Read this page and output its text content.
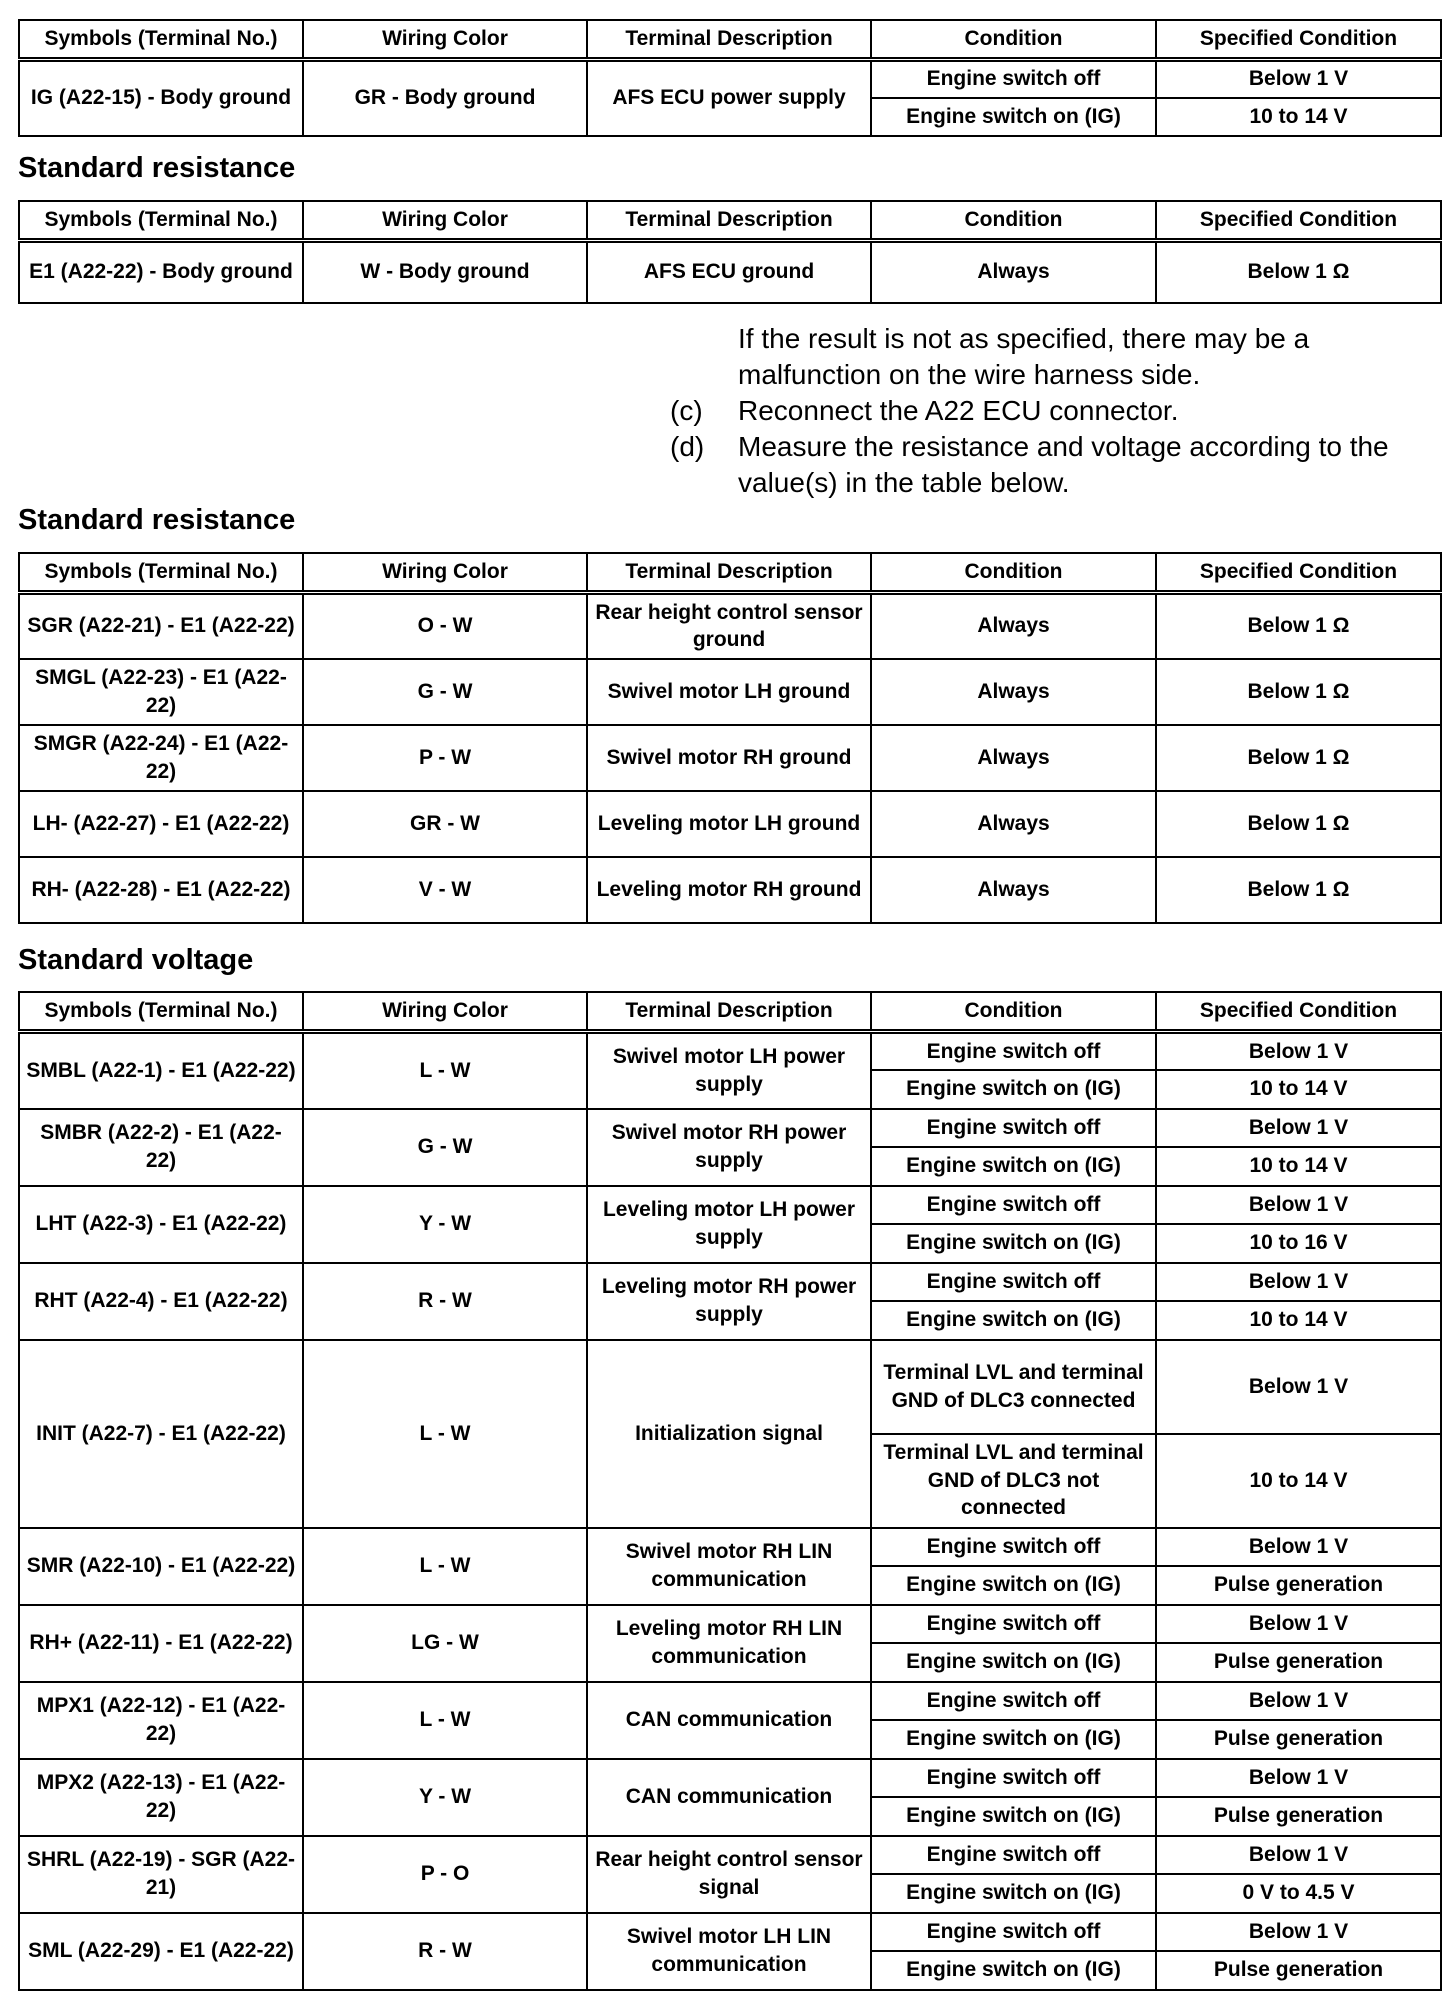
Symbols (Terminal No.)	Wiring Color	Terminal Description	Condition	Specified Condition
IG (A22-15) - Body ground	GR - Body ground	AFS ECU power supply	Engine switch off	Below 1 V
			Engine switch on (IG)	10 to 14 V
Standard resistance
Symbols (Terminal No.)	Wiring Color	Terminal Description	Condition	Specified Condition
E1 (A22-22) - Body ground	W - Body ground	AFS ECU ground	Always	Below 1 Ω
If the result is not as specified, there may be a malfunction on the wire harness side.
(c)	Reconnect the A22 ECU connector.
(d)	Measure the resistance and voltage according to the value(s) in the table below.
Standard resistance
Symbols (Terminal No.)	Wiring Color	Terminal Description	Condition	Specified Condition
SGR (A22-21) - E1 (A22-22)	O - W	Rear height control sensor ground	Always	Below 1 Ω
SMGL (A22-23) - E1 (A22-22)	G - W	Swivel motor LH ground	Always	Below 1 Ω
SMGR (A22-24) - E1 (A22-22)	P - W	Swivel motor RH ground	Always	Below 1 Ω
LH- (A22-27) - E1 (A22-22)	GR - W	Leveling motor LH ground	Always	Below 1 Ω
RH- (A22-28) - E1 (A22-22)	V - W	Leveling motor RH ground	Always	Below 1 Ω
Standard voltage
Symbols (Terminal No.)	Wiring Color	Terminal Description	Condition	Specified Condition
SMBL (A22-1) - E1 (A22-22)	L - W	Swivel motor LH power supply	Engine switch off	Below 1 V
			Engine switch on (IG)	10 to 14 V
SMBR (A22-2) - E1 (A22-22)	G - W	Swivel motor RH power supply	Engine switch off	Below 1 V
			Engine switch on (IG)	10 to 14 V
LHT (A22-3) - E1 (A22-22)	Y - W	Leveling motor LH power supply	Engine switch off	Below 1 V
			Engine switch on (IG)	10 to 16 V
RHT (A22-4) - E1 (A22-22)	R - W	Leveling motor RH power supply	Engine switch off	Below 1 V
			Engine switch on (IG)	10 to 14 V
INIT (A22-7) - E1 (A22-22)	L - W	Initialization signal	Terminal LVL and terminal GND of DLC3 connected	Below 1 V
			Terminal LVL and terminal GND of DLC3 not connected	10 to 14 V
SMR (A22-10) - E1 (A22-22)	L - W	Swivel motor RH LIN communication	Engine switch off	Below 1 V
			Engine switch on (IG)	Pulse generation
RH+ (A22-11) - E1 (A22-22)	LG - W	Leveling motor RH LIN communication	Engine switch off	Below 1 V
			Engine switch on (IG)	Pulse generation
MPX1 (A22-12) - E1 (A22-22)	L - W	CAN communication	Engine switch off	Below 1 V
			Engine switch on (IG)	Pulse generation
MPX2 (A22-13) - E1 (A22-22)	Y - W	CAN communication	Engine switch off	Below 1 V
			Engine switch on (IG)	Pulse generation
SHRL (A22-19) - SGR (A22-21)	P - O	Rear height control sensor signal	Engine switch off	Below 1 V
			Engine switch on (IG)	0 V to 4.5 V
SML (A22-29) - E1 (A22-22)	R - W	Swivel motor LH LIN communication	Engine switch off	Below 1 V
			Engine switch on (IG)	Pulse generation
